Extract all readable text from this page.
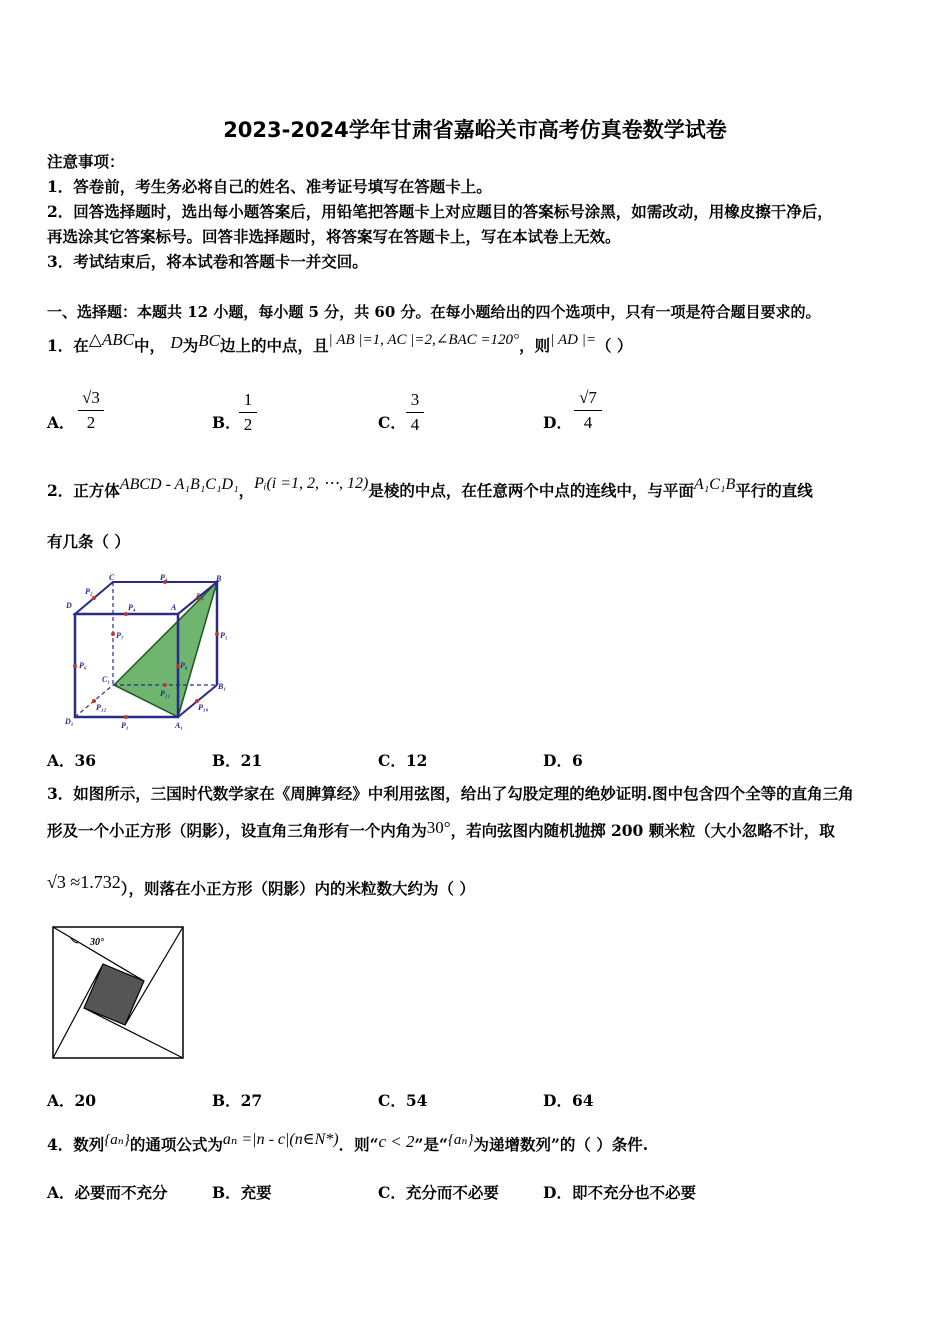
2023-2024学年甘肃省嘉峪关市高考仿真卷数学试卷
注意事项：
1．答卷前，考生务必将自己的姓名、准考证号填写在答题卡上。
2．回答选择题时，选出每小题答案后，用铅笔把答题卡上对应题目的答案标号涂黑，如需改动，用橡皮擦干净后，
再选涂其它答案标号。回答非选择题时，将答案写在答题卡上，写在本试卷上无效。
3．考试结束后，将本试卷和答题卡一并交回。
一、选择题：本题共 12 小题，每小题 5 分，共 60 分。在每小题给出的四个选项中，只有一项是符合题目要求的。
1．在△ABC中， D为BC边上的中点，且| AB |=1, AC |=2,∠BAC =120°，则| AD |=（ ）
A．
√3
2	B．
1
2	C．
3
4	D．
√7
4
2．正方体ABCD - A₁B₁C₁D₁，Pᵢ(i =1, 2, ⋯, 12)是棱的中点，在任意两个中点的连线中，与平面A₁C₁B平行的直线
有几条（ ）
C	P₃	B
D
P₂
P₄	A
P₇	P₅
P₆	P₈
C₁
P₁₁
B₁
P₉
D₁
P₁₂
P₁
P₁₀
A₁
A．36	B．21	C．12	D．6
3．如图所示，三国时代数学家在《周脾算经》中利用弦图，给出了勾股定理的绝妙证明.图中包含四个全等的直角三角
形及一个小正方形（阴影），设直角三角形有一个内角为30°，若向弦图内随机抛掷 200 颗米粒（大小忽略不计，取
√3 ≈1.732），则落在小正方形（阴影）内的米粒数大约为（ ）
30°
A．20	B．27	C．54	D．64
4．数列{aₙ}的通项公式为aₙ =|n - c|(n∈N*)．则“c < 2”是“{aₙ}为递增数列”的（ ）条件.
A．必要而不充分	B．充要	C．充分而不必要	D．即不充分也不必要
